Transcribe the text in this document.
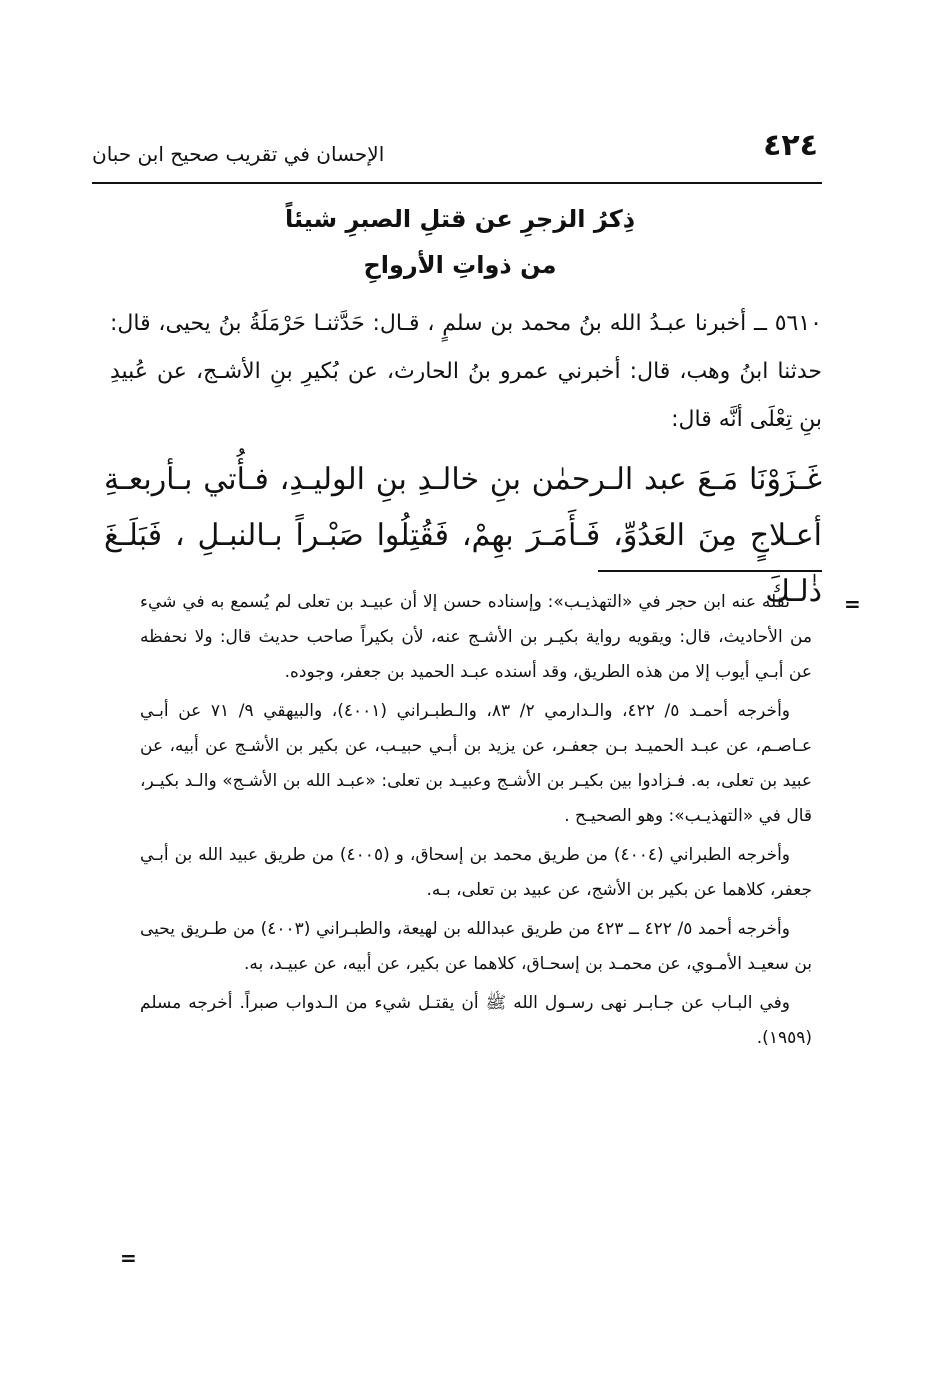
٤٢٤
الإحسان في تقريب صحيح ابن حبان
ذِكرُ الزجرِ عن قتلِ الصبرِ شيئاً
من ذواتِ الأرواحِ
٥٦١٠ ــ أخبرنا عبـدُ الله بنُ محمد بن سلمٍ ، قـال: حَدَّثنـا حَرْمَلَةُ بنُ يحيى، قال: حدثنا ابنُ وهب، قال: أخبرني عمرو بنُ الحارث، عن بُكيرِ بنِ الأشـج، عن عُبيدِ بنِ تِعْلَى أنَّه قال:
غَـزَوْنَا مَـعَ عبد الـرحمٰن بنِ خالـدِ بنِ الوليـدِ، فـأُتي بـأربعـةِ أعـلاجٍ مِنَ العَدُوِّ، فَـأَمَـرَ بهِمْ، فَقُتِلُوا صَبْـراً بـالنبـلِ ، فَبَلَـغَ ذٰلـكَ =

نقله عنه ابن حجر في «التهذيـب»: وإسناده حسن إلا أن عبيـد بن تعلى لم يُسمع به في شيء من الأحاديث، قال: ويقويه رواية بكيـر بن الأشـج عنه، لأن بكيراً صاحب حديث قال: ولا نحفظه عن أبـي أيوب إلا من هذه الطريق، وقد أسنده عبـد الحميد بن جعفر، وجوده.

وأخرجه أحمـد ٥/ ٤٢٢، والـدارمي ٢/ ٨٣، والـطبـراني (٤٠٠١)، والبيهقي ٩/ ٧١ عن أبـي عـاصـم، عن عبـد الحميـد بـن جعفـر، عن يزيد بن أبـي حبيـب، عن بكير بن الأشـج عن أبيه، عن عبيد بن تعلى، به. فـزادوا بين بكيـر بن الأشـج وعبيـد بن تعلى: «عبـد الله بن الأشـج» والـد بكيـر، قال في «التهذيـب»: وهو الصحيـح .

وأخرجه الطبراني (٤٠٠٤) من طريق محمد بن إسحاق، و (٤٠٠٥) من طريق عبيد الله بن أبـي جعفر، كلاهما عن بكير بن الأشج، عن عبيد بن تعلى، بـه.

وأخرجه أحمد ٥/ ٤٢٢ ــ ٤٢٣ من طريق عبدالله بن لهيعة، والطبـراني (٤٠٠٣) من طـريق يحيى بن سعيـد الأمـوي، عن محمـد بن إسحـاق، كلاهما عن بكير، عن أبيه، عن عبيـد، به.

وفي البـاب عن جـابـر نهى رسـول الله ﷺ أن يقتـل شيء من الـدواب صبراً. أخرجه مسلم (١٩٥٩).

=
